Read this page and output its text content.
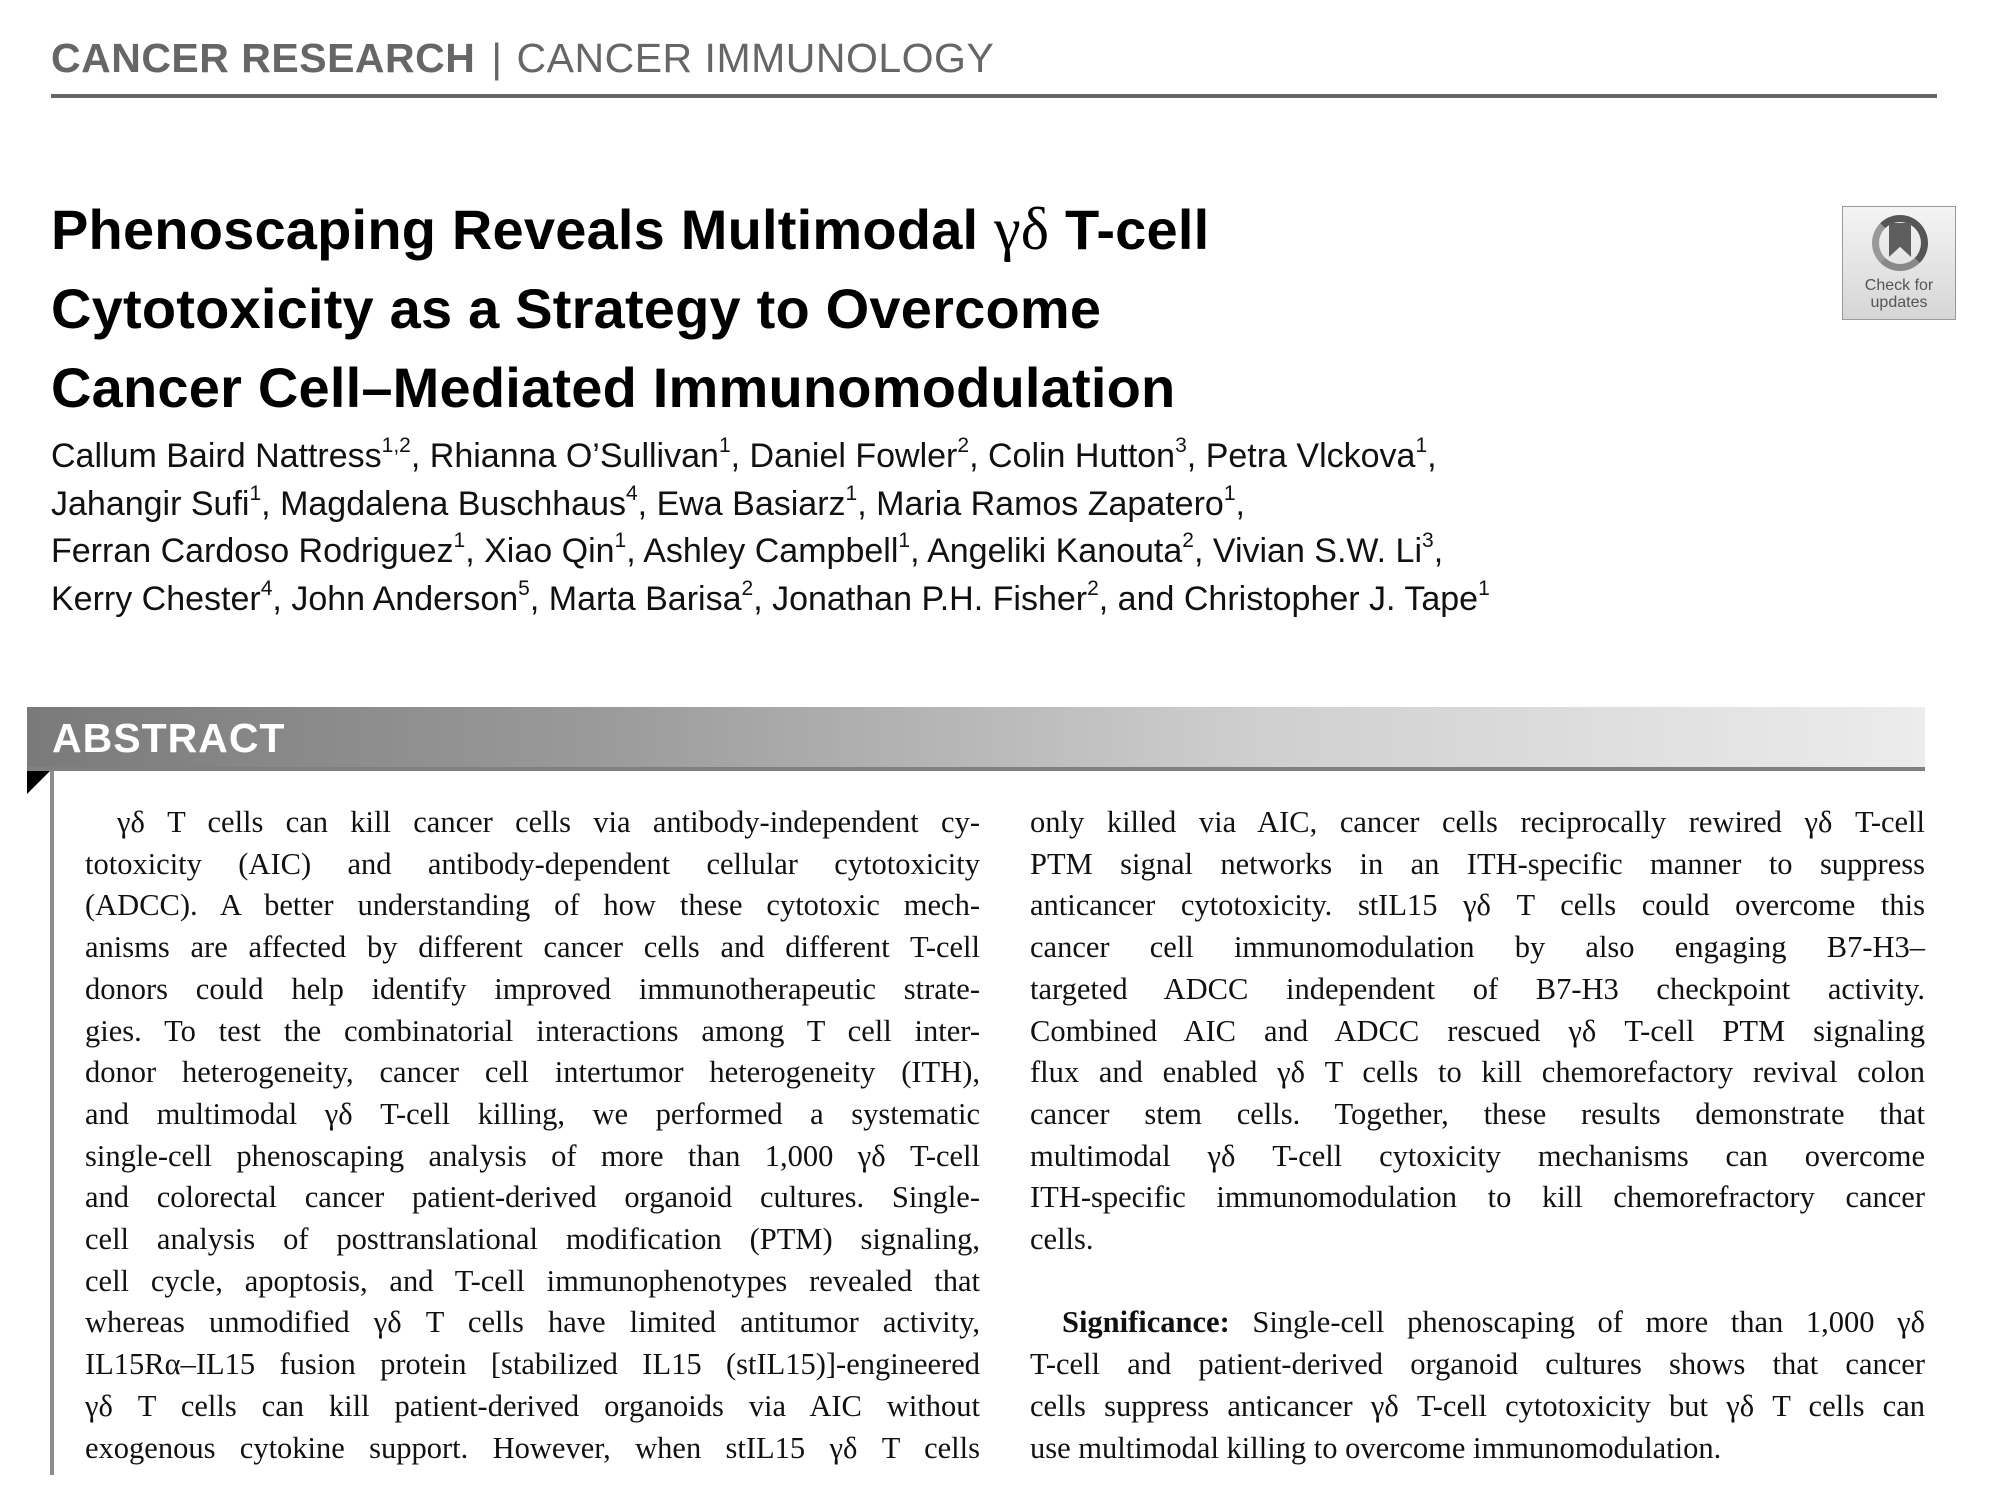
CANCER RESEARCH | CANCER IMMUNOLOGY
Phenoscaping Reveals Multimodal γδ T-cell
Cytotoxicity as a Strategy to Overcome
Cancer Cell–Mediated Immunomodulation
Check for
updates
Callum Baird Nattress$^{1,2}$, Rhianna O’Sullivan$^1$, Daniel Fowler$^2$, Colin Hutton$^3$, Petra Vlckova$^1$,
Jahangir Sufi$^1$, Magdalena Buschhaus$^4$, Ewa Basiarz$^1$, Maria Ramos Zapatero$^1$,
Ferran Cardoso Rodriguez$^1$, Xiao Qin$^1$, Ashley Campbell$^1$, Angeliki Kanouta$^2$, Vivian S.W. Li$^3$,
Kerry Chester$^4$, John Anderson$^5$, Marta Barisa$^2$, Jonathan P.H. Fisher$^2$, and Christopher J. Tape$^1$
ABSTRACT
γδ T cells can kill cancer cells via antibody-independent cy-
totoxicity (AIC) and antibody-dependent cellular cytotoxicity
(ADCC). A better understanding of how these cytotoxic mech-
anisms are affected by different cancer cells and different T-cell
donors could help identify improved immunotherapeutic strate-
gies. To test the combinatorial interactions among T cell inter-
donor heterogeneity, cancer cell intertumor heterogeneity (ITH),
and multimodal γδ T-cell killing, we performed a systematic
single-cell phenoscaping analysis of more than 1,000 γδ T-cell
and colorectal cancer patient-derived organoid cultures. Single-
cell analysis of posttranslational modification (PTM) signaling,
cell cycle, apoptosis, and T-cell immunophenotypes revealed that
whereas unmodified γδ T cells have limited antitumor activity,
IL15Rα–IL15 fusion protein [stabilized IL15 (stIL15)]-engineered
γδ T cells can kill patient-derived organoids via AIC without
exogenous cytokine support. However, when stIL15 γδ T cells
only killed via AIC, cancer cells reciprocally rewired γδ T-cell
PTM signal networks in an ITH-specific manner to suppress
anticancer cytotoxicity. stIL15 γδ T cells could overcome this
cancer cell immunomodulation by also engaging B7-H3–
targeted ADCC independent of B7-H3 checkpoint activity.
Combined AIC and ADCC rescued γδ T-cell PTM signaling
flux and enabled γδ T cells to kill chemorefactory revival colon
cancer stem cells. Together, these results demonstrate that
multimodal γδ T-cell cytoxicity mechanisms can overcome
ITH-specific immunomodulation to kill chemorefractory cancer
cells.
Significance: Single-cell phenoscaping of more than 1,000 γδ
T-cell and patient-derived organoid cultures shows that cancer
cells suppress anticancer γδ T-cell cytotoxicity but γδ T cells can
use multimodal killing to overcome immunomodulation.
